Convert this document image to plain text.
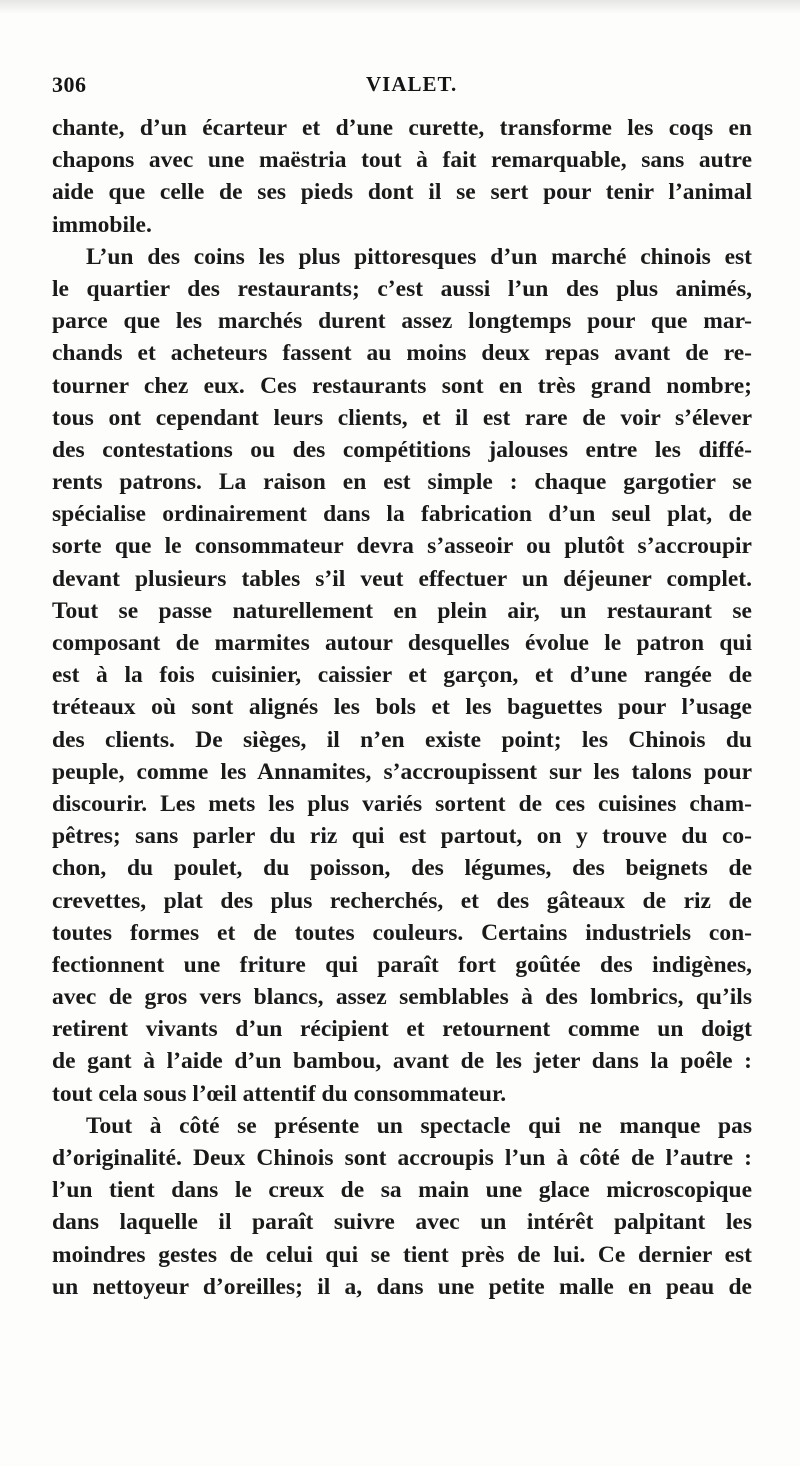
306	VIALET.
chante, d’un écarteur et d’une curette, transforme les coqs en
chapons avec une maëstria tout à fait remarquable, sans autre
aide que celle de ses pieds dont il se sert pour tenir l’animal
immobile.
L’un des coins les plus pittoresques d’un marché chinois est
le quartier des restaurants; c’est aussi l’un des plus animés,
parce que les marchés durent assez longtemps pour que mar-
chands et acheteurs fassent au moins deux repas avant de re-
tourner chez eux. Ces restaurants sont en très grand nombre;
tous ont cependant leurs clients, et il est rare de voir s’élever
des contestations ou des compétitions jalouses entre les diffé-
rents patrons. La raison en est simple : chaque gargotier se
spécialise ordinairement dans la fabrication d’un seul plat, de
sorte que le consommateur devra s’asseoir ou plutôt s’accroupir
devant plusieurs tables s’il veut effectuer un déjeuner complet.
Tout se passe naturellement en plein air, un restaurant se
composant de marmites autour desquelles évolue le patron qui
est à la fois cuisinier, caissier et garçon, et d’une rangée de
tréteaux où sont alignés les bols et les baguettes pour l’usage
des clients. De sièges, il n’en existe point; les Chinois du
peuple, comme les Annamites, s’accroupissent sur les talons pour
discourir. Les mets les plus variés sortent de ces cuisines cham-
pêtres; sans parler du riz qui est partout, on y trouve du co-
chon, du poulet, du poisson, des légumes, des beignets de
crevettes, plat des plus recherchés, et des gâteaux de riz de
toutes formes et de toutes couleurs. Certains industriels con-
fectionnent une friture qui paraît fort goûtée des indigènes,
avec de gros vers blancs, assez semblables à des lombrics, qu’ils
retirent vivants d’un récipient et retournent comme un doigt
de gant à l’aide d’un bambou, avant de les jeter dans la poêle :
tout cela sous l’œil attentif du consommateur.
Tout à côté se présente un spectacle qui ne manque pas
d’originalité. Deux Chinois sont accroupis l’un à côté de l’autre :
l’un tient dans le creux de sa main une glace microscopique
dans laquelle il paraît suivre avec un intérêt palpitant les
moindres gestes de celui qui se tient près de lui. Ce dernier est
un nettoyeur d’oreilles; il a, dans une petite malle en peau de
